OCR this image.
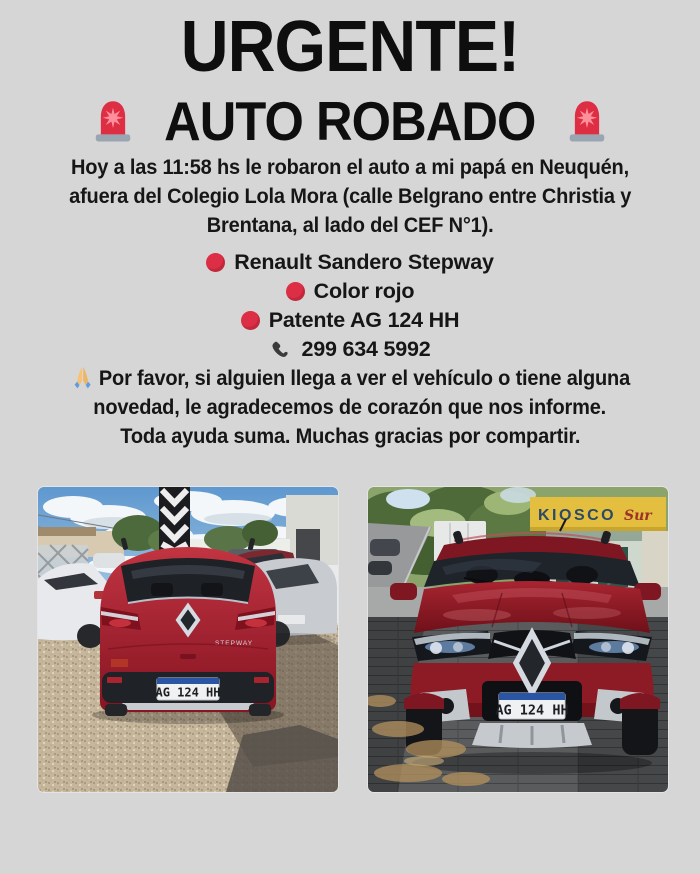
URGENTE!
AUTO ROBADO
Hoy a las 11:58 hs le robaron el auto a mi papá en Neuquén,
afuera del Colegio Lola Mora (calle Belgrano entre Christia y
Brentana, al lado del CEF N°1).
Renault Sandero Stepway
Color rojo
Patente AG 124 HH
299 634 5992
Por favor, si alguien llega a ver el vehículo o tiene alguna
novedad, le agradecemos de corazón que nos informe.
Toda ayuda suma. Muchas gracias por compartir.
STEPWAY
AG 124 HH
KIOSCO Sur
AG 124 HH
